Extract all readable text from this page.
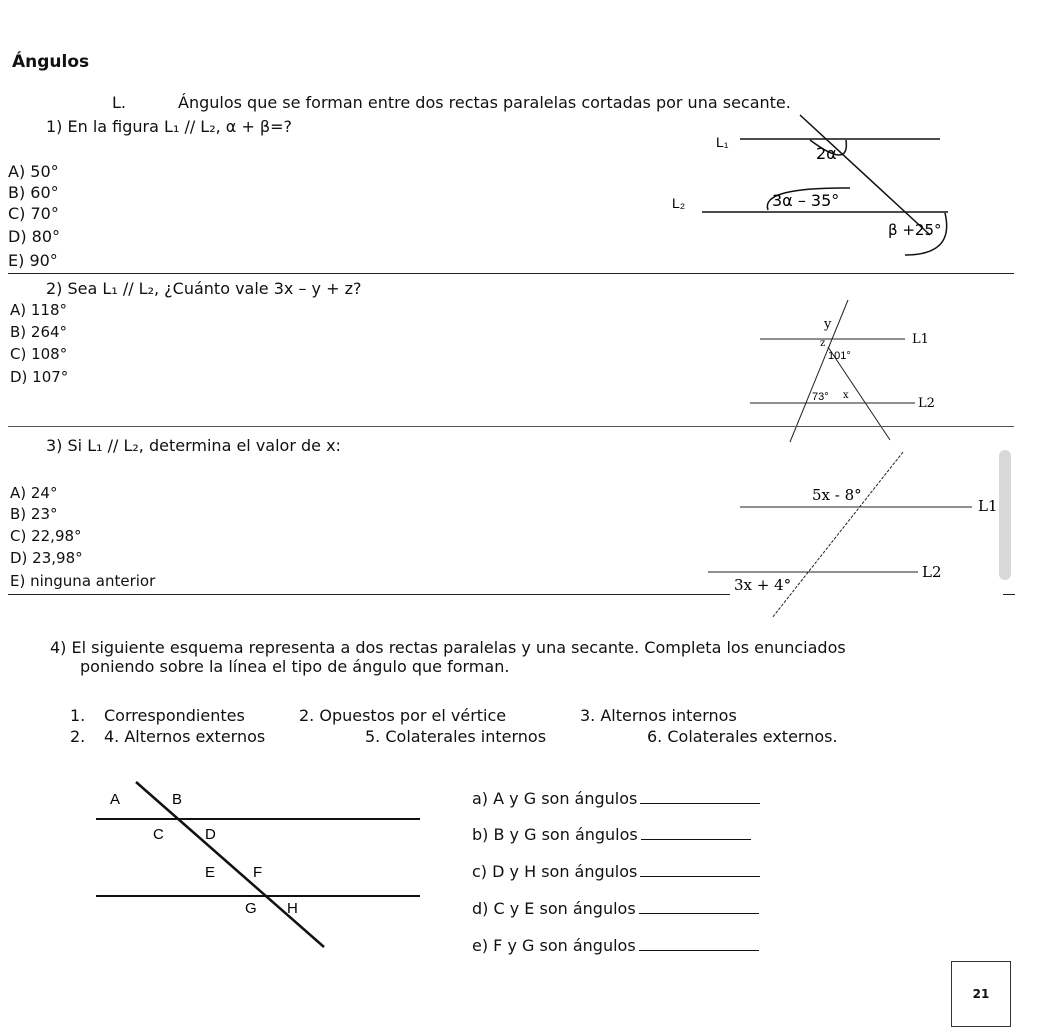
Ángulos
L.	Ángulos que se forman entre dos rectas paralelas cortadas por una secante.
1) En la figura L₁ // L₂, α + β=?
A) 50°
B) 60°
C) 70°
D) 80°
E) 90°
L₁
L₂
2α
3α – 35°
β +25°
2) Sea L₁ // L₂, ¿Cuánto vale 3x – y + z?
A) 118°
B) 264°
C) 108°
D) 107°
y
z	L1
101°
73° x
L2
3) Si L₁ // L₂, determina el valor de x:
A) 24°
B) 23°
C) 22,98°
D) 23,98°
E) ninguna anterior
5x - 8°
L1
3x + 4°
L2
4) El siguiente esquema representa a dos rectas paralelas y una secante. Completa los enunciados
poniendo sobre la línea el tipo de ángulo que forman.
1. Correspondientes	2. Opuestos por el vértice	3. Alternos internos
2. 4. Alternos externos	5. Colaterales internos	6. Colaterales externos.
A	B
C	D
E	F
G H
a) A y G son ángulos
b) B y G son ángulos
c) D y H son ángulos
d) C y E son ángulos
e) F y G son ángulos
21
